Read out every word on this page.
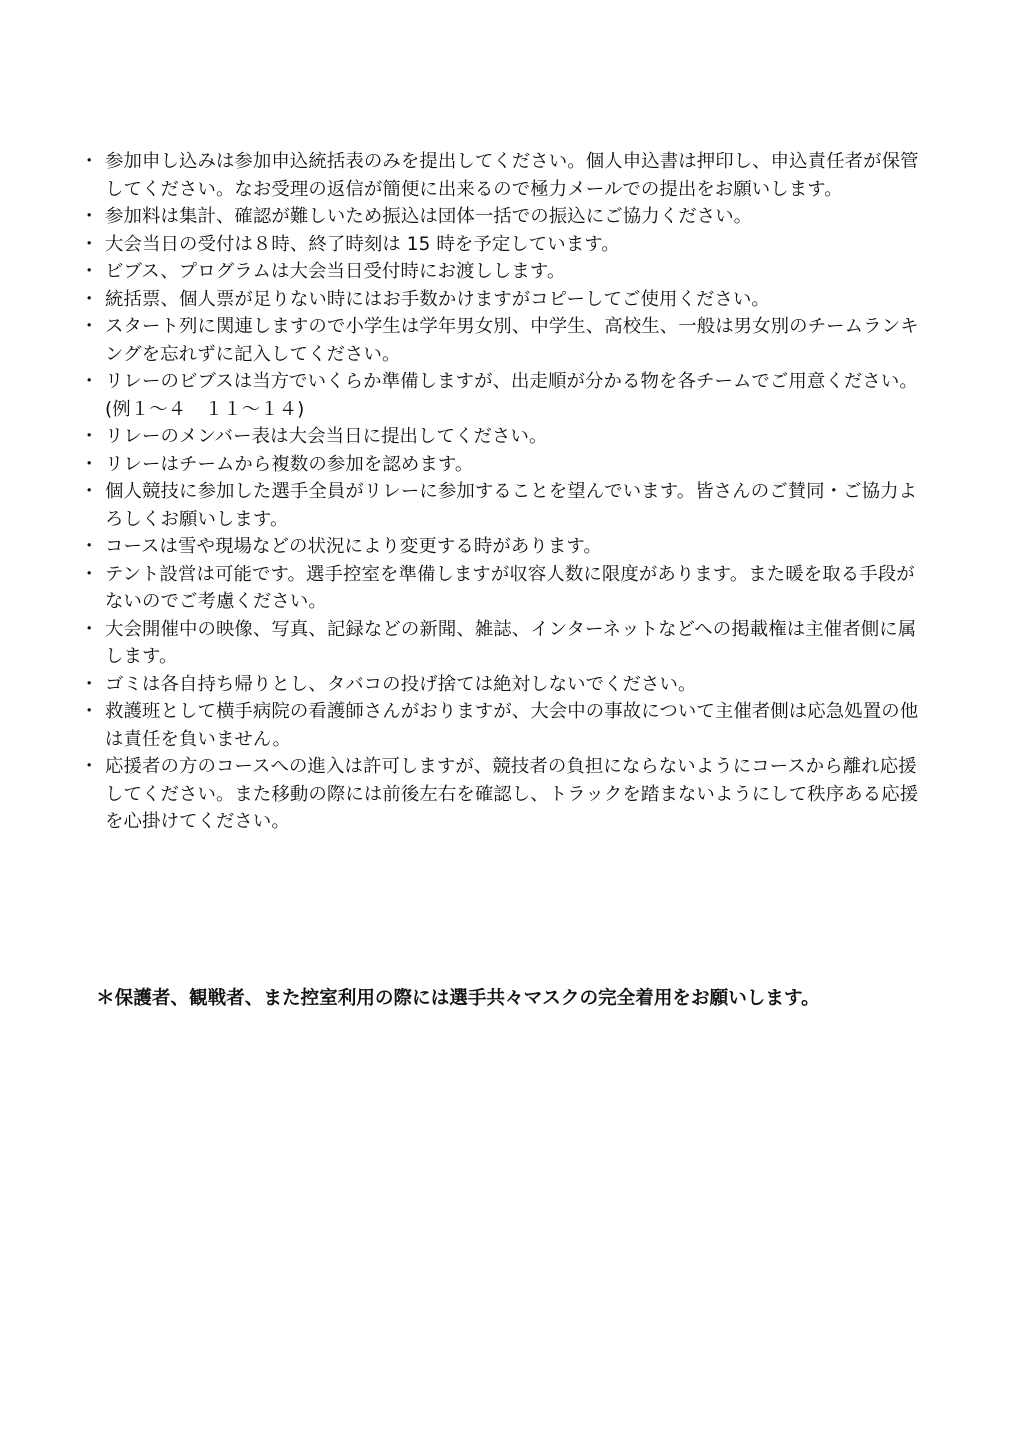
・ 参加申し込みは参加申込統括表のみを提出してください。個人申込書は押印し、申込責任者が保管してください。なお受理の返信が簡便に出来るので極力メールでの提出をお願いします。
・ 参加料は集計、確認が難しいため振込は団体一括での振込にご協力ください。
・ 大会当日の受付は８時、終了時刻は 15 時を予定しています。
・ ビブス、プログラムは大会当日受付時にお渡しします。
・ 統括票、個人票が足りない時にはお手数かけますがコピーしてご使用ください。
・ スタート列に関連しますので小学生は学年男女別、中学生、高校生、一般は男女別のチームランキングを忘れずに記入してください。
・ リレーのビブスは当方でいくらか準備しますが、出走順が分かる物を各チームでご用意ください。(例１～４　１１～１４)
・ リレーのメンバー表は大会当日に提出してください。
・ リレーはチームから複数の参加を認めます。
・ 個人競技に参加した選手全員がリレーに参加することを望んでいます。皆さんのご賛同・ご協力よろしくお願いします。
・ コースは雪や現場などの状況により変更する時があります。
・ テント設営は可能です。選手控室を準備しますが収容人数に限度があります。また暖を取る手段がないのでご考慮ください。
・ 大会開催中の映像、写真、記録などの新聞、雑誌、インターネットなどへの掲載権は主催者側に属します。
・ ゴミは各自持ち帰りとし、タバコの投げ捨ては絶対しないでください。
・ 救護班として横手病院の看護師さんがおりますが、大会中の事故について主催者側は応急処置の他は責任を負いません。
・ 応援者の方のコースへの進入は許可しますが、競技者の負担にならないようにコースから離れ応援してください。また移動の際には前後左右を確認し、トラックを踏まないようにして秩序ある応援を心掛けてください。

＊保護者、観戦者、また控室利用の際には選手共々マスクの完全着用をお願いします。
